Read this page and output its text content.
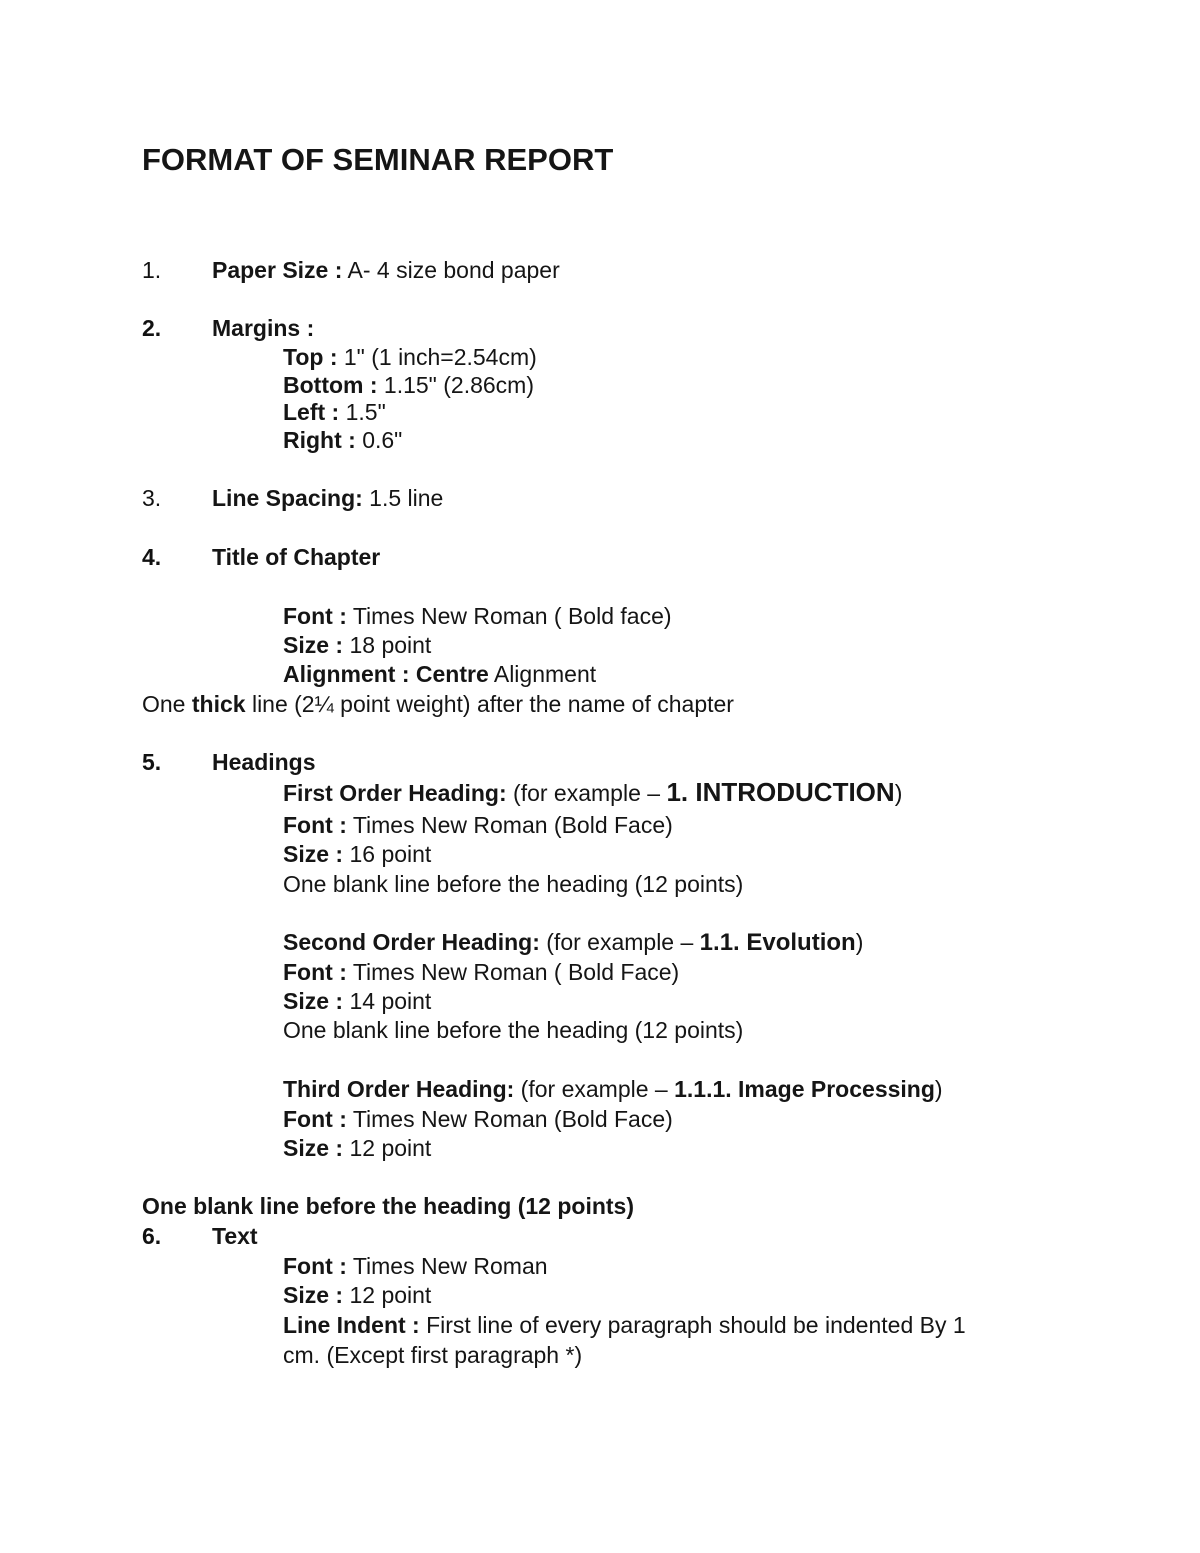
FORMAT OF SEMINAR REPORT
1. Paper Size : A- 4 size bond paper
2. Margins :
Top : 1" (1 inch=2.54cm)
Bottom : 1.15" (2.86cm)
Left : 1.5"
Right : 0.6"
3. Line Spacing: 1.5 line
4. Title of Chapter
Font : Times New Roman ( Bold face)
Size : 18 point
Alignment : Centre Alignment
One thick line (2¼ point weight) after the name of chapter
5. Headings
First Order Heading: (for example – 1. INTRODUCTION)
Font : Times New Roman (Bold Face)
Size : 16 point
One blank line before the heading (12 points)
Second Order Heading: (for example – 1.1. Evolution)
Font : Times New Roman ( Bold Face)
Size : 14 point
One blank line before the heading (12 points)
Third Order Heading: (for example – 1.1.1. Image Processing)
Font : Times New Roman (Bold Face)
Size : 12 point
One blank line before the heading (12 points)
6. Text
Font : Times New Roman
Size : 12 point
Line Indent : First line of every paragraph should be indented By 1
cm. (Except first paragraph *)
